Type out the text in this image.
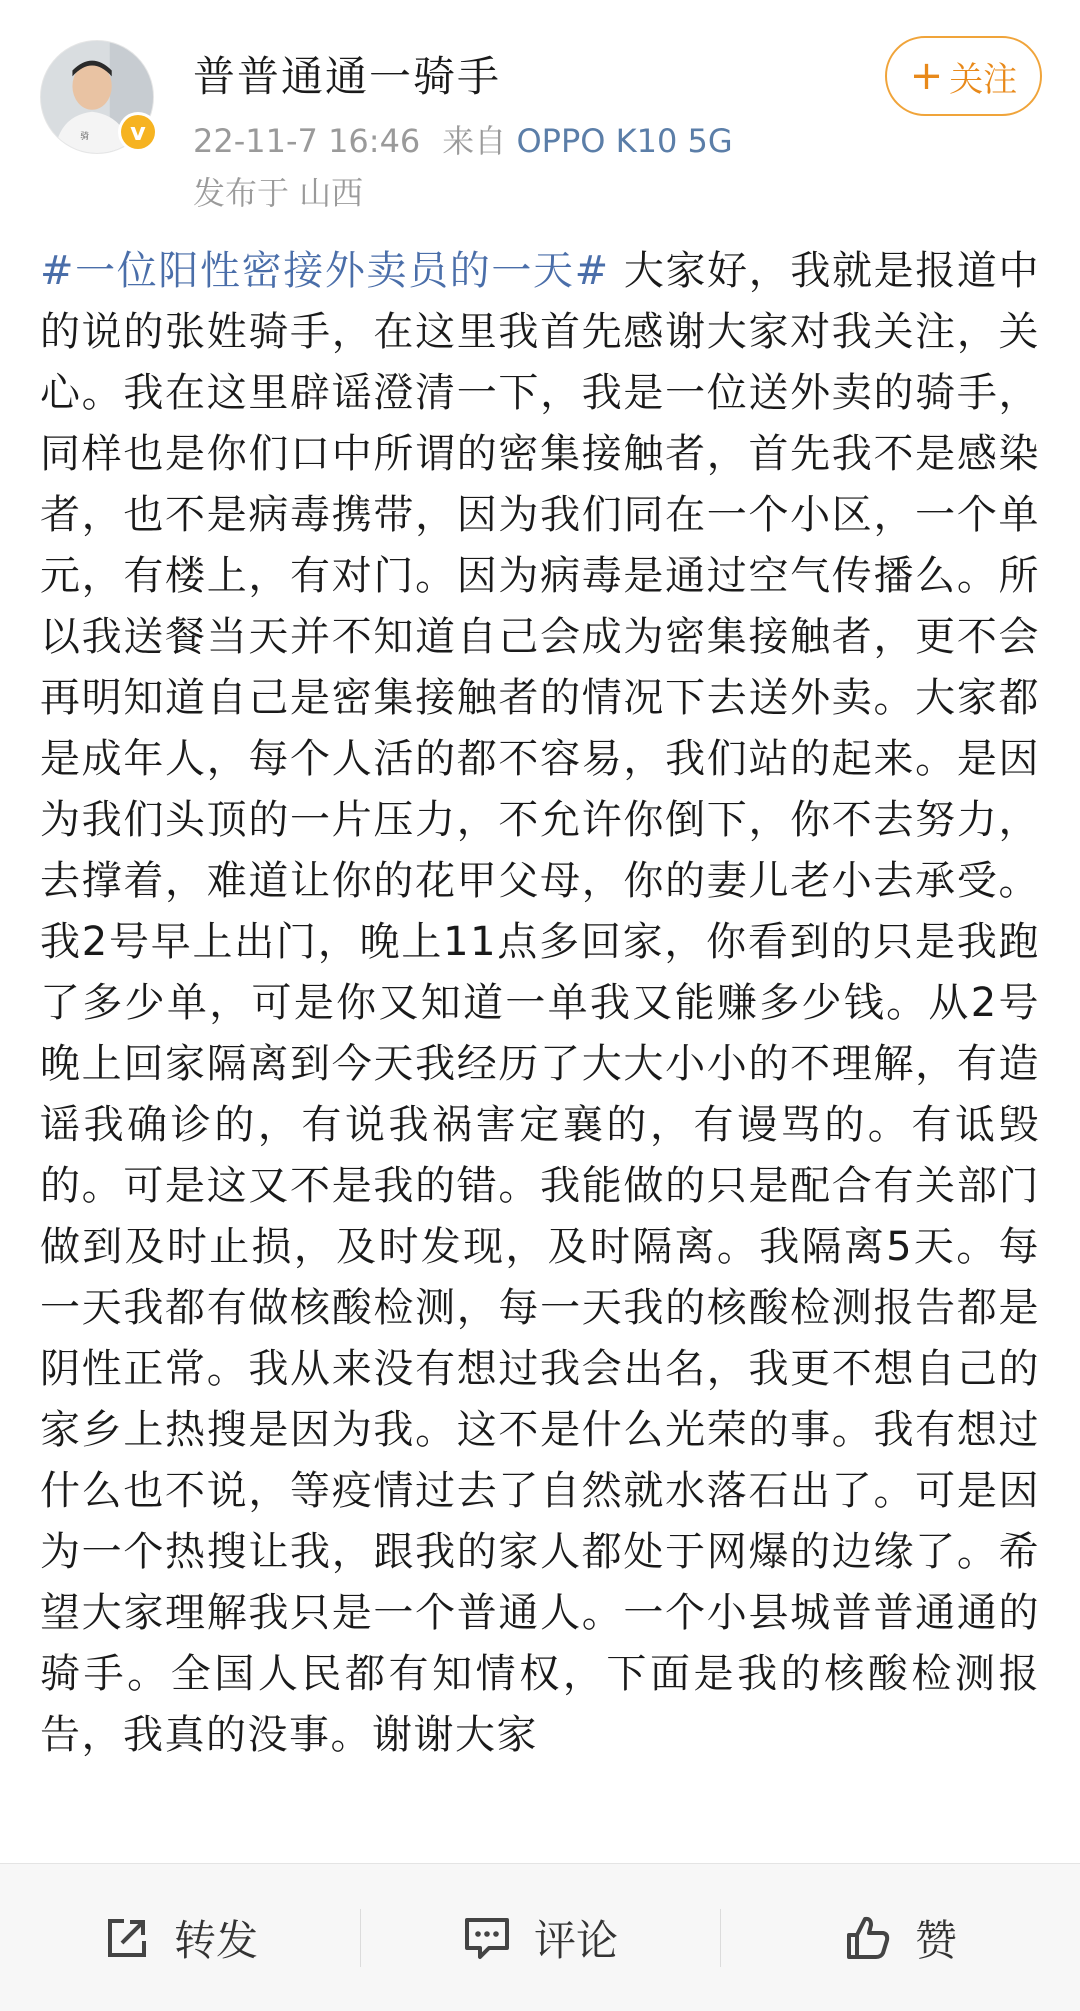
骑	v
普普通通一骑手
22-11-7 16:46 来自 OPPO K10 5G
发布于 山西
+ 关注
#一位阳性密接外卖员的一天# 大家好，我就是报道中的说的张姓骑手，在这里我首先感谢大家对我关注，关心。我在这里辟谣澄清一下，我是一位送外卖的骑手，同样也是你们口中所谓的密集接触者，首先我不是感染者，也不是病毒携带，因为我们同在一个小区，一个单元，有楼上，有对门。因为病毒是通过空气传播么。所以我送餐当天并不知道自己会成为密集接触者，更不会再明知道自己是密集接触者的情况下去送外卖。大家都是成年人，每个人活的都不容易，我们站的起来。是因为我们头顶的一片压力，不允许你倒下，你不去努力，去撑着，难道让你的花甲父母，你的妻儿老小去承受。我2号早上出门，晚上11点多回家，你看到的只是我跑了多少单，可是你又知道一单我又能赚多少钱。从2号晚上回家隔离到今天我经历了大大小小的不理解，有造谣我确诊的，有说我祸害定襄的，有谩骂的。有诋毁的。可是这又不是我的错。我能做的只是配合有关部门做到及时止损，及时发现，及时隔离。我隔离5天。每一天我都有做核酸检测，每一天我的核酸检测报告都是阴性正常。我从来没有想过我会出名，我更不想自己的家乡上热搜是因为我。这不是什么光荣的事。我有想过什么也不说，等疫情过去了自然就水落石出了。可是因为一个热搜让我，跟我的家人都处于网爆的边缘了。希望大家理解我只是一个普通人。一个小县城普普通通的骑手。全国人民都有知情权，下面是我的核酸检测报告，我真的没事。谢谢大家
转发	评论	赞
